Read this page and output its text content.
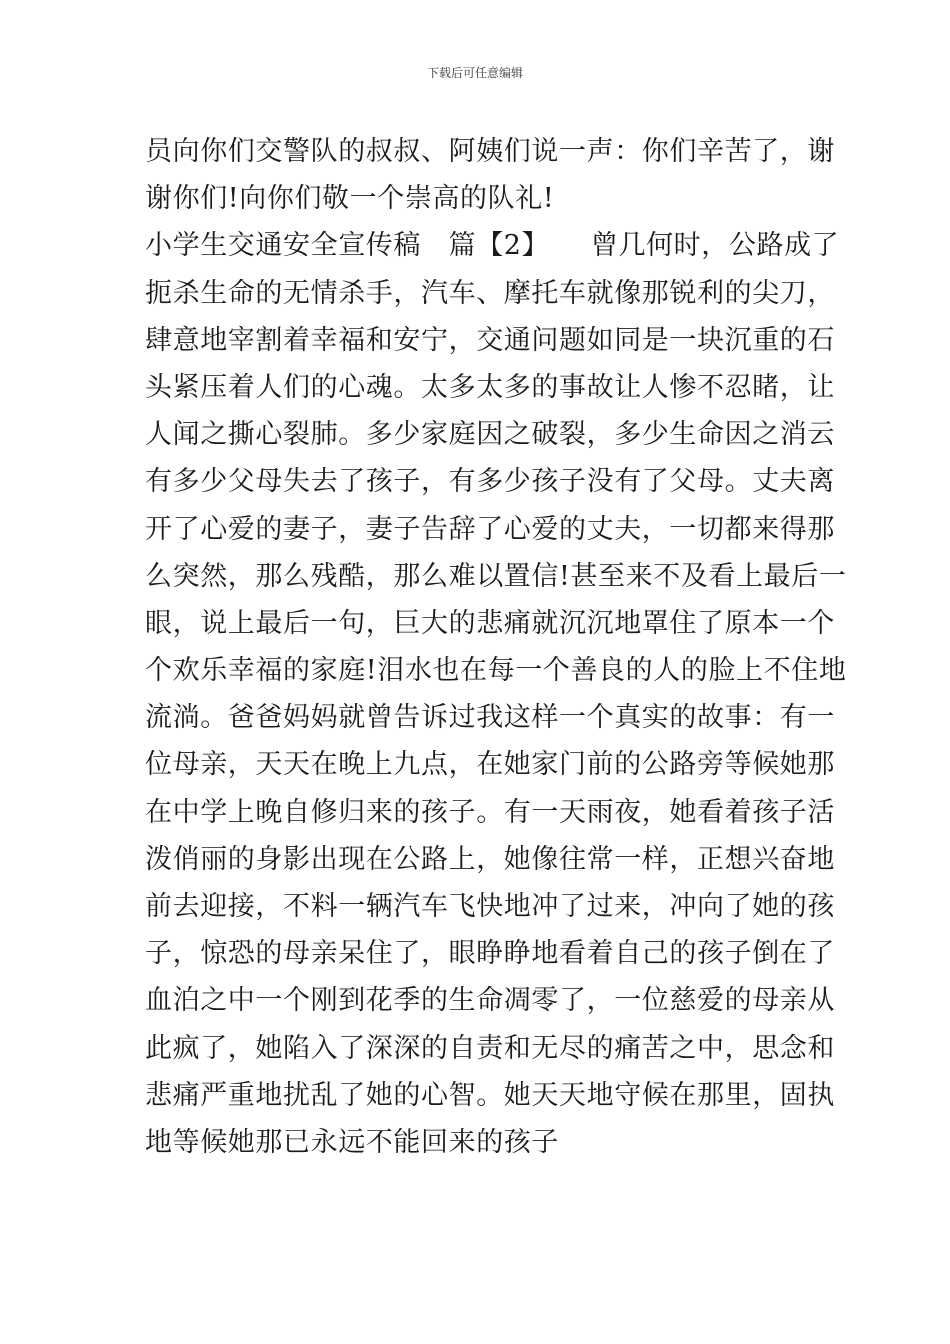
下载后可任意编辑
员向你们交警队的叔叔、阿姨们说一声：你们辛苦了，谢
谢你们!向你们敬一个崇高的队礼!
小学生交通安全宣传稿　篇【2】　　曾几何时，公路成了
扼杀生命的无情杀手，汽车、摩托车就像那锐利的尖刀，
肆意地宰割着幸福和安宁，交通问题如同是一块沉重的石
头紧压着人们的心魂。太多太多的事故让人惨不忍睹，让
人闻之撕心裂肺。多少家庭因之破裂，多少生命因之消云
有多少父母失去了孩子，有多少孩子没有了父母。丈夫离
开了心爱的妻子，妻子告辞了心爱的丈夫，一切都来得那
么突然，那么残酷，那么难以置信!甚至来不及看上最后一
眼，说上最后一句，巨大的悲痛就沉沉地罩住了原本一个
个欢乐幸福的家庭!泪水也在每一个善良的人的脸上不住地
流淌。爸爸妈妈就曾告诉过我这样一个真实的故事：有一
位母亲，天天在晚上九点，在她家门前的公路旁等候她那
在中学上晚自修归来的孩子。有一天雨夜，她看着孩子活
泼俏丽的身影出现在公路上，她像往常一样，正想兴奋地
前去迎接，不料一辆汽车飞快地冲了过来，冲向了她的孩
子，惊恐的母亲呆住了，眼睁睁地看着自己的孩子倒在了
血泊之中一个刚到花季的生命凋零了，一位慈爱的母亲从
此疯了，她陷入了深深的自责和无尽的痛苦之中，思念和
悲痛严重地扰乱了她的心智。她天天地守候在那里，固执
地等候她那已永远不能回来的孩子
